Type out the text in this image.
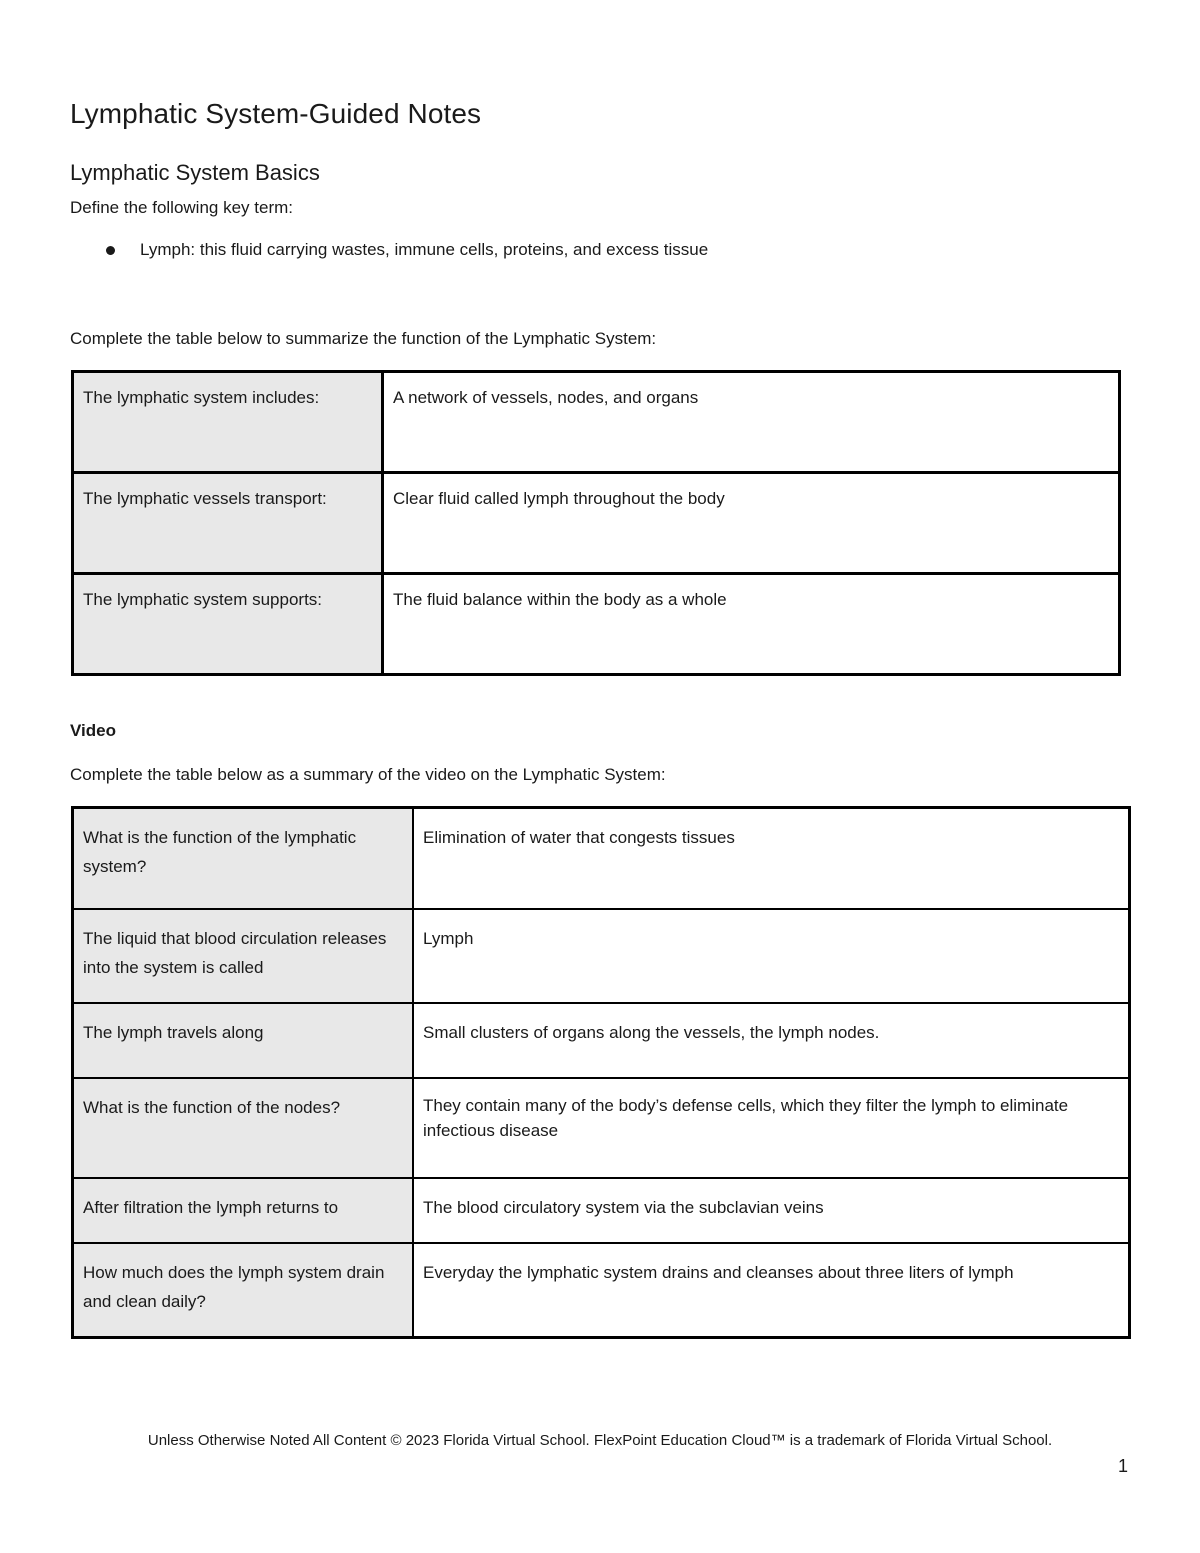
Lymphatic System-Guided Notes
Lymphatic System Basics

Define the following key term:

Lymph: this fluid carrying wastes, immune cells, proteins, and excess tissue

Complete the table below to summarize the function of the Lymphatic System:

The lymphatic system includes:	A network of vessels, nodes, and organs
The lymphatic vessels transport:	Clear fluid called lymph throughout the body
The lymphatic system supports:	The fluid balance within the body as a whole

Video

Complete the table below as a summary of the video on the Lymphatic System:

What is the function of the lymphatic system?	Elimination of water that congests tissues
The liquid that blood circulation releases into the system is called	Lymph
The lymph travels along	Small clusters of organs along the vessels, the lymph nodes.
What is the function of the nodes?	They contain many of the body’s defense cells, which they filter the lymph to eliminate infectious disease
After filtration the lymph returns to	The blood circulatory system via the subclavian veins
How much does the lymph system drain and clean daily?	Everyday the lymphatic system drains and cleanses about three liters of lymph

Unless Otherwise Noted All Content © 2023 Florida Virtual School. FlexPoint Education Cloud™ is a trademark of Florida Virtual School.

1
